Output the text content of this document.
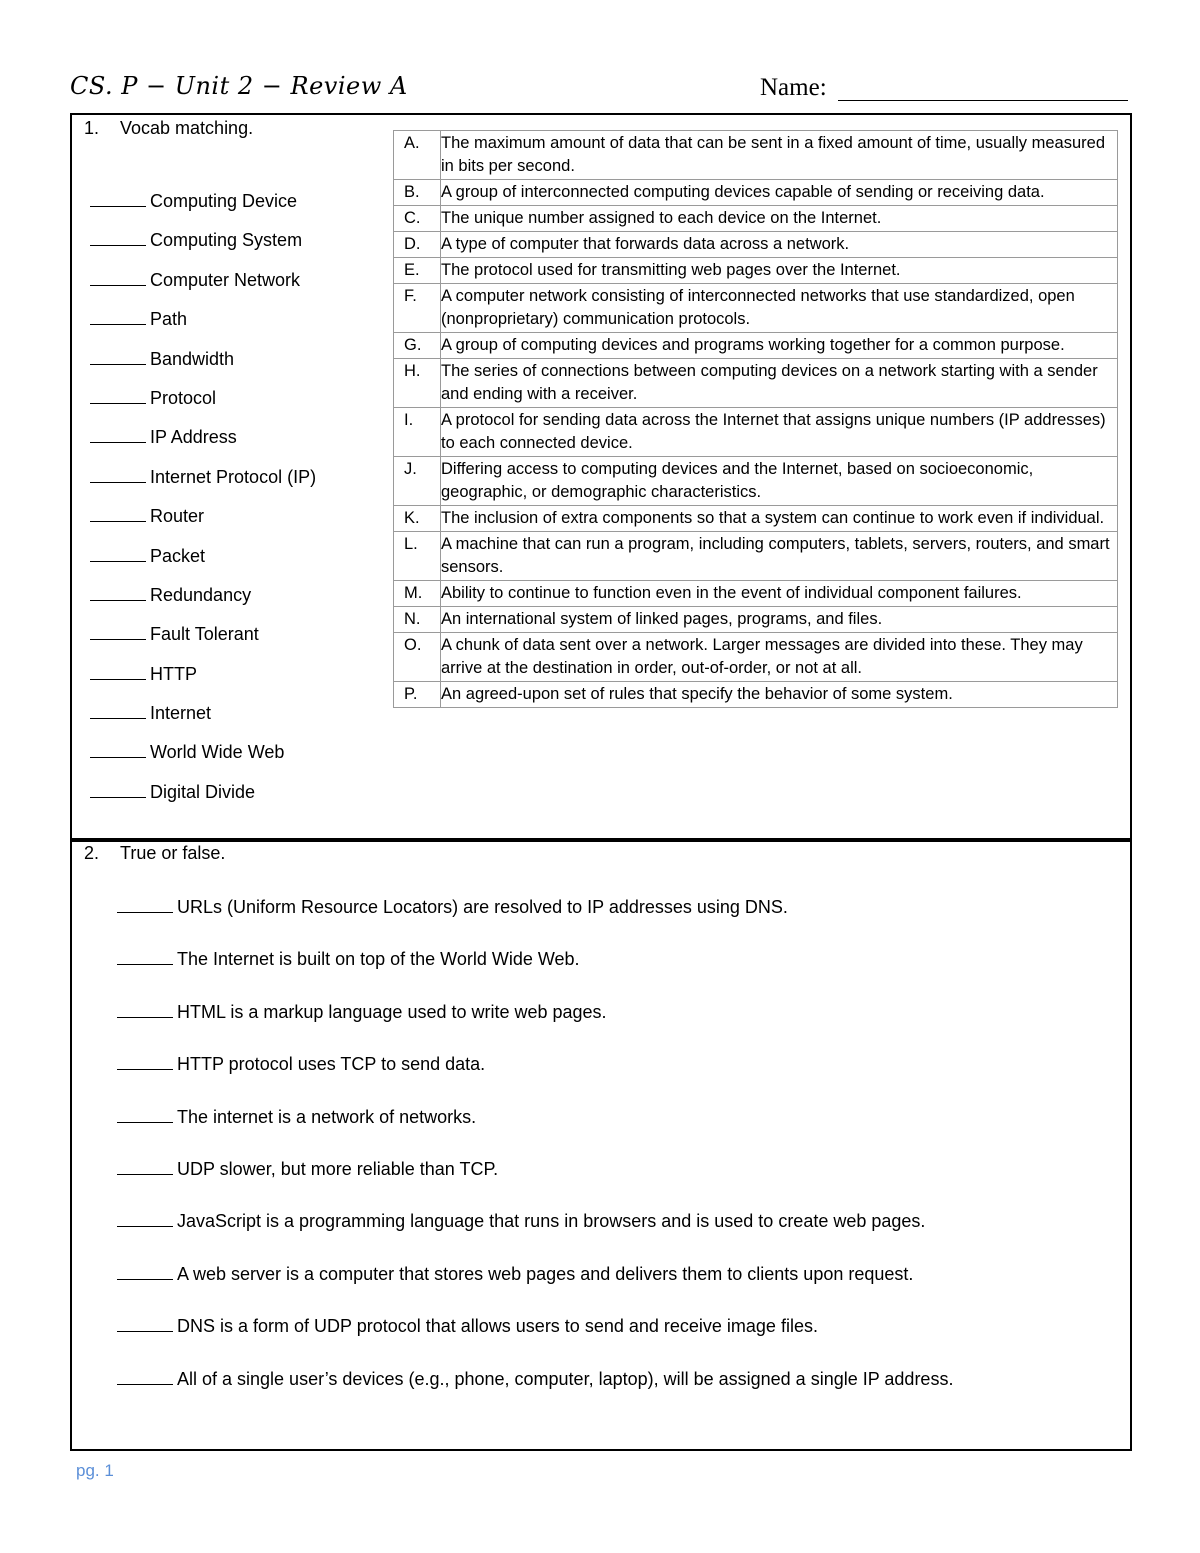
CS. P − Unit 2 − Review A	Name:
1. Vocab matching.
Computing Device
Computing System
Computer Network
Path
Bandwidth
Protocol
IP Address
Internet Protocol (IP)
Router
Packet
Redundancy
Fault Tolerant
HTTP
Internet
World Wide Web
Digital Divide
A.	The maximum amount of data that can be sent in a fixed amount of time, usually measured in bits per second.
B.	A group of interconnected computing devices capable of sending or receiving data.
C.	The unique number assigned to each device on the Internet.
D.	A type of computer that forwards data across a network.
E.	The protocol used for transmitting web pages over the Internet.
F.	A computer network consisting of interconnected networks that use standardized, open (nonproprietary) communication protocols.
G.	A group of computing devices and programs working together for a common purpose.
H.	The series of connections between computing devices on a network starting with a sender and ending with a receiver.
I.	A protocol for sending data across the Internet that assigns unique numbers (IP addresses) to each connected device.
J.	Differing access to computing devices and the Internet, based on socioeconomic, geographic, or demographic characteristics.
K.	The inclusion of extra components so that a system can continue to work even if individual.
L.	A machine that can run a program, including computers, tablets, servers, routers, and smart sensors.
M.	Ability to continue to function even in the event of individual component failures.
N.	An international system of linked pages, programs, and files.
O.	A chunk of data sent over a network. Larger messages are divided into these. They may arrive at the destination in order, out-of-order, or not at all.
P.	An agreed-upon set of rules that specify the behavior of some system.
2. True or false.
URLs (Uniform Resource Locators) are resolved to IP addresses using DNS.
The Internet is built on top of the World Wide Web.
HTML is a markup language used to write web pages.
HTTP protocol uses TCP to send data.
The internet is a network of networks.
UDP slower, but more reliable than TCP.
JavaScript is a programming language that runs in browsers and is used to create web pages.
A web server is a computer that stores web pages and delivers them to clients upon request.
DNS is a form of UDP protocol that allows users to send and receive image files.
All of a single user’s devices (e.g., phone, computer, laptop), will be assigned a single IP address.
pg. 1
